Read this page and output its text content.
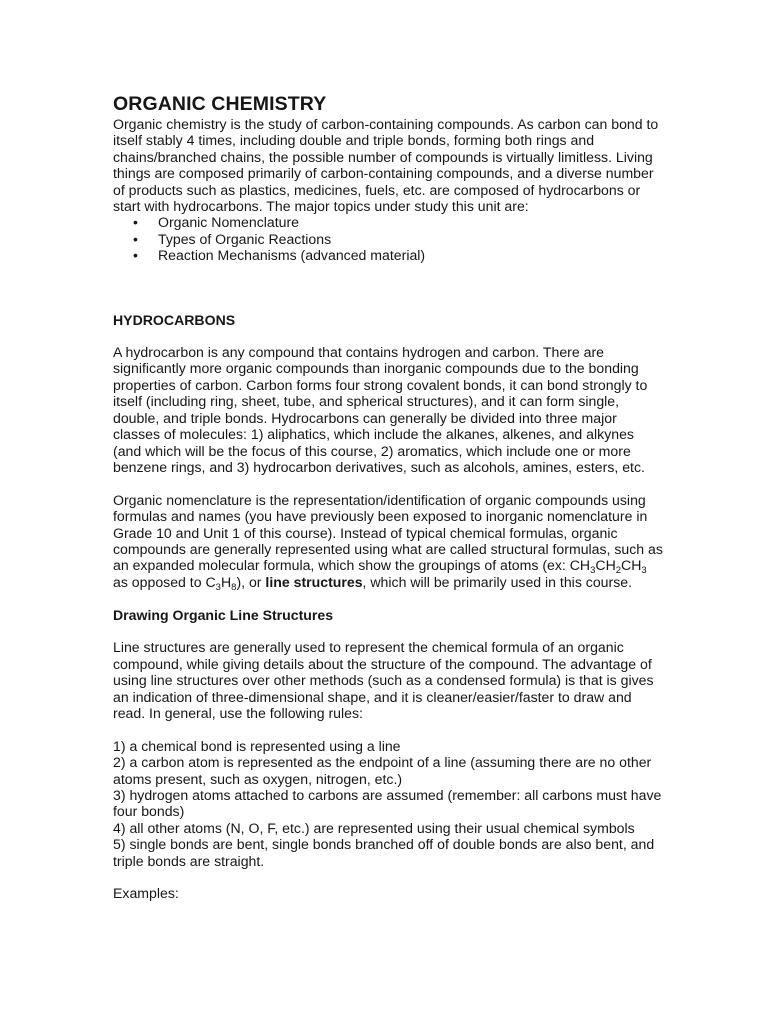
ORGANIC CHEMISTRY

Organic chemistry is the study of carbon-containing compounds. As carbon can bond to itself stably 4 times, including double and triple bonds, forming both rings and chains/branched chains, the possible number of compounds is virtually limitless. Living things are composed primarily of carbon-containing compounds, and a diverse number of products such as plastics, medicines, fuels, etc. are composed of hydrocarbons or start with hydrocarbons. The major topics under study this unit are:

• Organic Nomenclature
• Types of Organic Reactions
• Reaction Mechanisms (advanced material)

HYDROCARBONS

A hydrocarbon is any compound that contains hydrogen and carbon. There are significantly more organic compounds than inorganic compounds due to the bonding properties of carbon. Carbon forms four strong covalent bonds, it can bond strongly to itself (including ring, sheet, tube, and spherical structures), and it can form single, double, and triple bonds. Hydrocarbons can generally be divided into three major classes of molecules: 1) aliphatics, which include the alkanes, alkenes, and alkynes (and which will be the focus of this course, 2) aromatics, which include one or more benzene rings, and 3) hydrocarbon derivatives, such as alcohols, amines, esters, etc.

Organic nomenclature is the representation/identification of organic compounds using formulas and names (you have previously been exposed to inorganic nomenclature in Grade 10 and Unit 1 of this course). Instead of typical chemical formulas, organic compounds are generally represented using what are called structural formulas, such as an expanded molecular formula, which show the groupings of atoms (ex: $CH_3CH_2CH_3$ as opposed to $C_3H_8$), or line structures, which will be primarily used in this course.

Drawing Organic Line Structures

Line structures are generally used to represent the chemical formula of an organic compound, while giving details about the structure of the compound. The advantage of using line structures over other methods (such as a condensed formula) is that is gives an indication of three-dimensional shape, and it is cleaner/easier/faster to draw and read. In general, use the following rules:

1) a chemical bond is represented using a line
2) a carbon atom is represented as the endpoint of a line (assuming there are no other atoms present, such as oxygen, nitrogen, etc.)
3) hydrogen atoms attached to carbons are assumed (remember: all carbons must have four bonds)
4) all other atoms (N, O, F, etc.) are represented using their usual chemical symbols
5) single bonds are bent, single bonds branched off of double bonds are also bent, and triple bonds are straight.

Examples:
